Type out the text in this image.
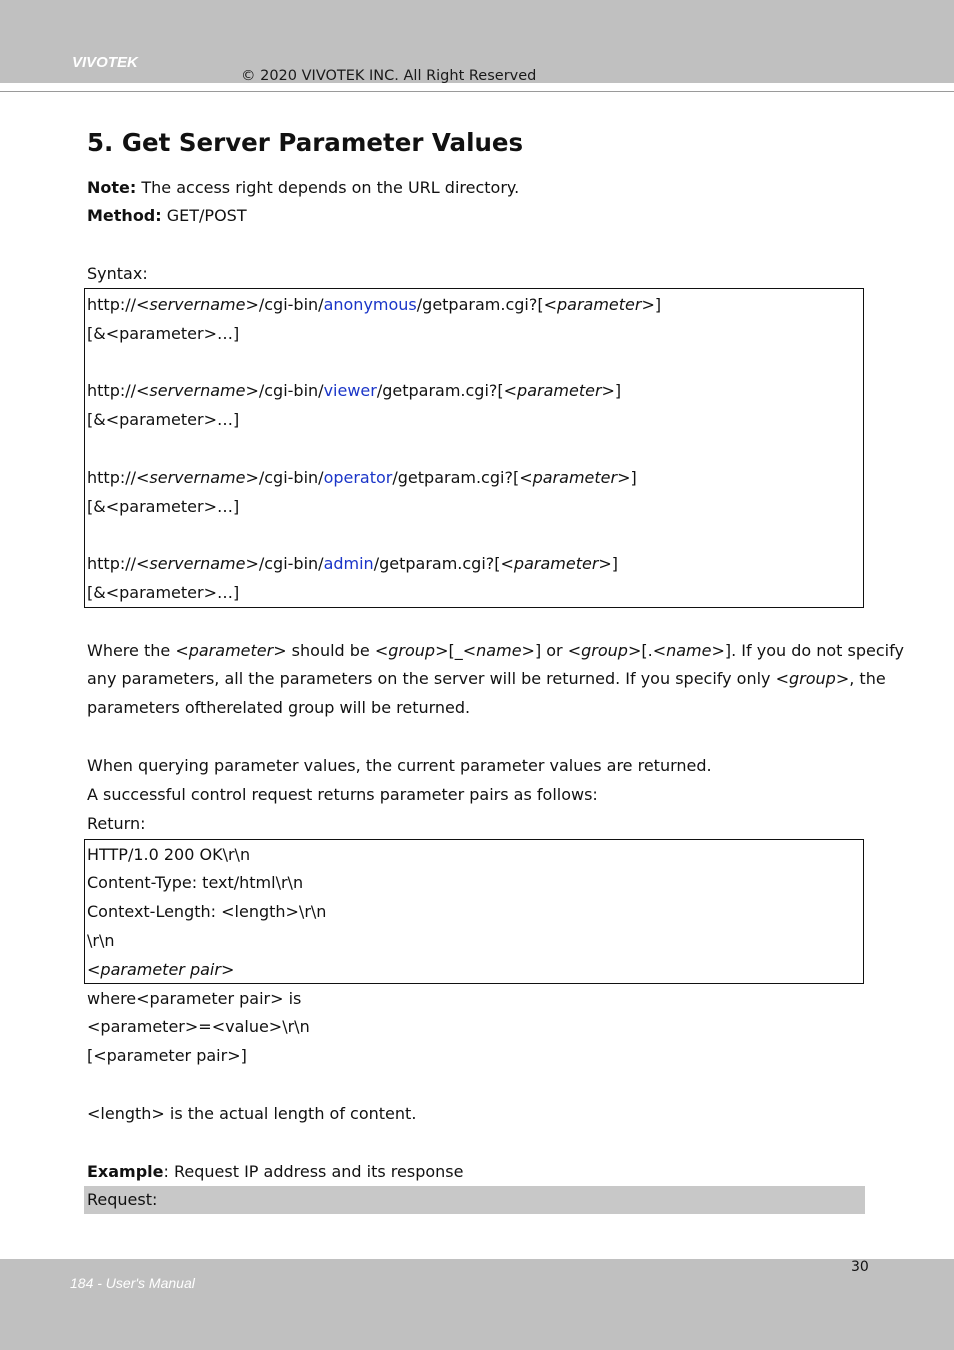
VIVOTEK
© 2020 VIVOTEK INC. All Right Reserved
5. Get Server Parameter Values
Note: The access right depends on the URL directory.
Method: GET/POST
Syntax:
http://<servername>/cgi-bin/anonymous/getparam.cgi?[<parameter>]
[&<parameter>…]
http://<servername>/cgi-bin/viewer/getparam.cgi?[<parameter>]
[&<parameter>…]
http://<servername>/cgi-bin/operator/getparam.cgi?[<parameter>]
[&<parameter>…]
http://<servername>/cgi-bin/admin/getparam.cgi?[<parameter>]
[&<parameter>…]
Where the <parameter> should be <group>[_<name>] or <group>[.<name>]. If you do not specify
any parameters, all the parameters on the server will be returned. If you specify only <group>, the
parameters oftherelated group will be returned.
When querying parameter values, the current parameter values are returned.
A successful control request returns parameter pairs as follows:
Return:
HTTP/1.0 200 OK\r\n
Content-Type: text/html\r\n
Context-Length: <length>\r\n
<parameter pair>
\r\n
where<parameter pair> is
<parameter>=<value>\r\n
[<parameter pair>]
<length> is the actual length of content.
Example: Request IP address and its response
Request:
184 - User's Manual
30
